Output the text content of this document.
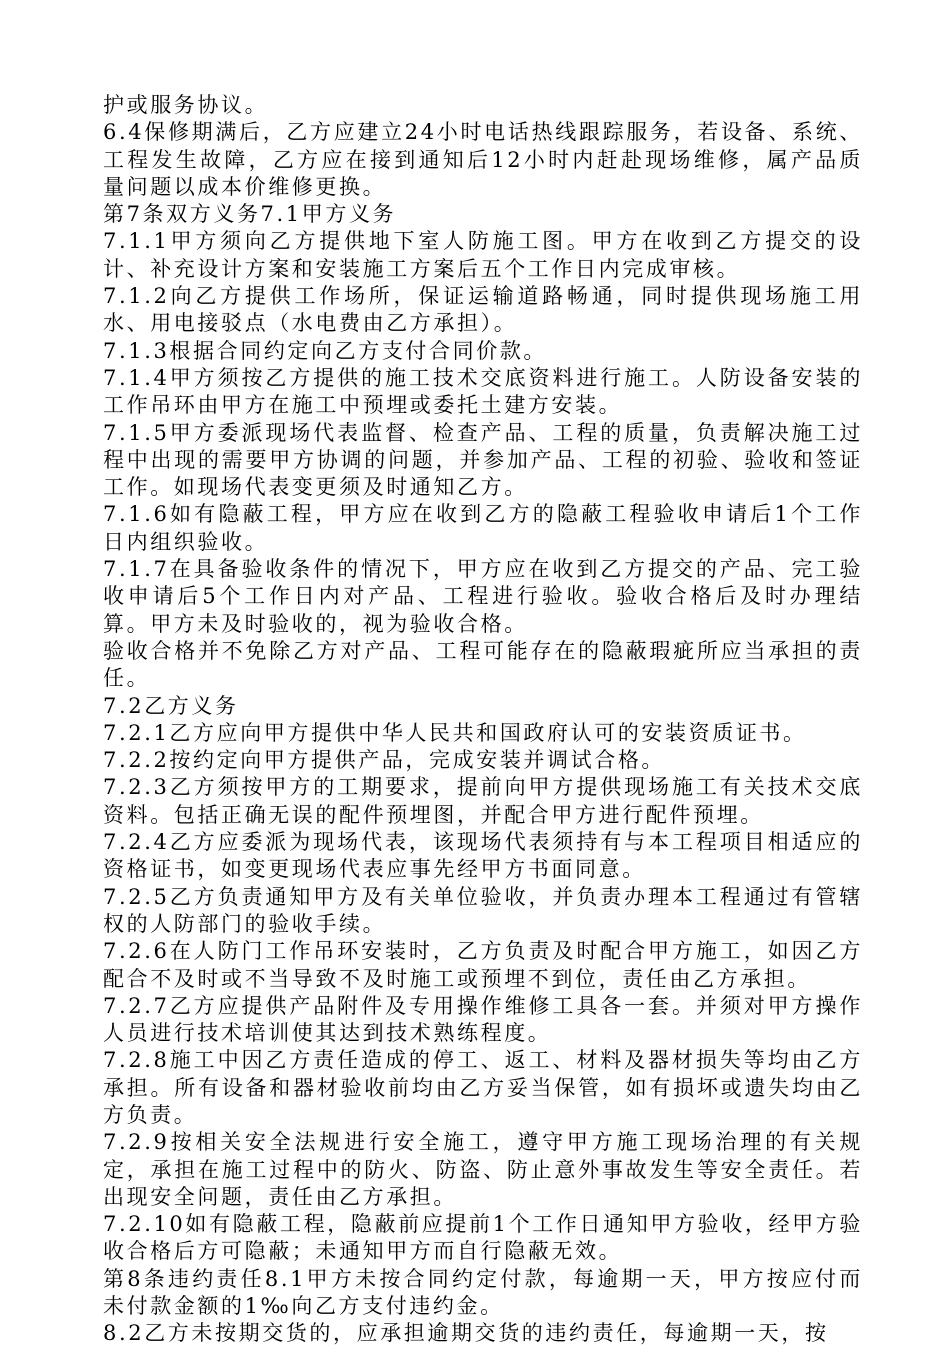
护或服务协议。

6.4保修期满后，乙方应建立24小时电话热线跟踪服务，若设备、系统、工程发生故障，乙方应在接到通知后12小时内赶赴现场维修，属产品质量问题以成本价维修更换。

第7条双方义务7.1甲方义务

7.1.1甲方须向乙方提供地下室人防施工图。甲方在收到乙方提交的设计、补充设计方案和安装施工方案后五个工作日内完成审核。

7.1.2向乙方提供工作场所，保证运输道路畅通，同时提供现场施工用水、用电接驳点（水电费由乙方承担）。

7.1.3根据合同约定向乙方支付合同价款。

7.1.4甲方须按乙方提供的施工技术交底资料进行施工。人防设备安装的工作吊环由甲方在施工中预埋或委托土建方安装。

7.1.5甲方委派现场代表监督、检查产品、工程的质量，负责解决施工过程中出现的需要甲方协调的问题，并参加产品、工程的初验、验收和签证工作。如现场代表变更须及时通知乙方。

7.1.6如有隐蔽工程，甲方应在收到乙方的隐蔽工程验收申请后1个工作日内组织验收。

7.1.7在具备验收条件的情况下，甲方应在收到乙方提交的产品、完工验收申请后5个工作日内对产品、工程进行验收。验收合格后及时办理结算。甲方未及时验收的，视为验收合格。

验收合格并不免除乙方对产品、工程可能存在的隐蔽瑕疵所应当承担的责任。

7.2乙方义务

7.2.1乙方应向甲方提供中华人民共和国政府认可的安装资质证书。

7.2.2按约定向甲方提供产品，完成安装并调试合格。

7.2.3乙方须按甲方的工期要求，提前向甲方提供现场施工有关技术交底资料。包括正确无误的配件预埋图，并配合甲方进行配件预埋。

7.2.4乙方应委派为现场代表，该现场代表须持有与本工程项目相适应的资格证书，如变更现场代表应事先经甲方书面同意。

7.2.5乙方负责通知甲方及有关单位验收，并负责办理本工程通过有管辖权的人防部门的验收手续。

7.2.6在人防门工作吊环安装时，乙方负责及时配合甲方施工，如因乙方配合不及时或不当导致不及时施工或预埋不到位，责任由乙方承担。

7.2.7乙方应提供产品附件及专用操作维修工具各一套。并须对甲方操作人员进行技术培训使其达到技术熟练程度。

7.2.8施工中因乙方责任造成的停工、返工、材料及器材损失等均由乙方承担。所有设备和器材验收前均由乙方妥当保管，如有损坏或遗失均由乙方负责。

7.2.9按相关安全法规进行安全施工，遵守甲方施工现场治理的有关规定，承担在施工过程中的防火、防盗、防止意外事故发生等安全责任。若出现安全问题，责任由乙方承担。

7.2.10如有隐蔽工程，隐蔽前应提前1个工作日通知甲方验收，经甲方验收合格后方可隐蔽；未通知甲方而自行隐蔽无效。

第8条违约责任8.1甲方未按合同约定付款，每逾期一天，甲方按应付而未付款金额的1‰向乙方支付违约金。

8.2乙方未按期交货的，应承担逾期交货的违约责任，每逾期一天，按
